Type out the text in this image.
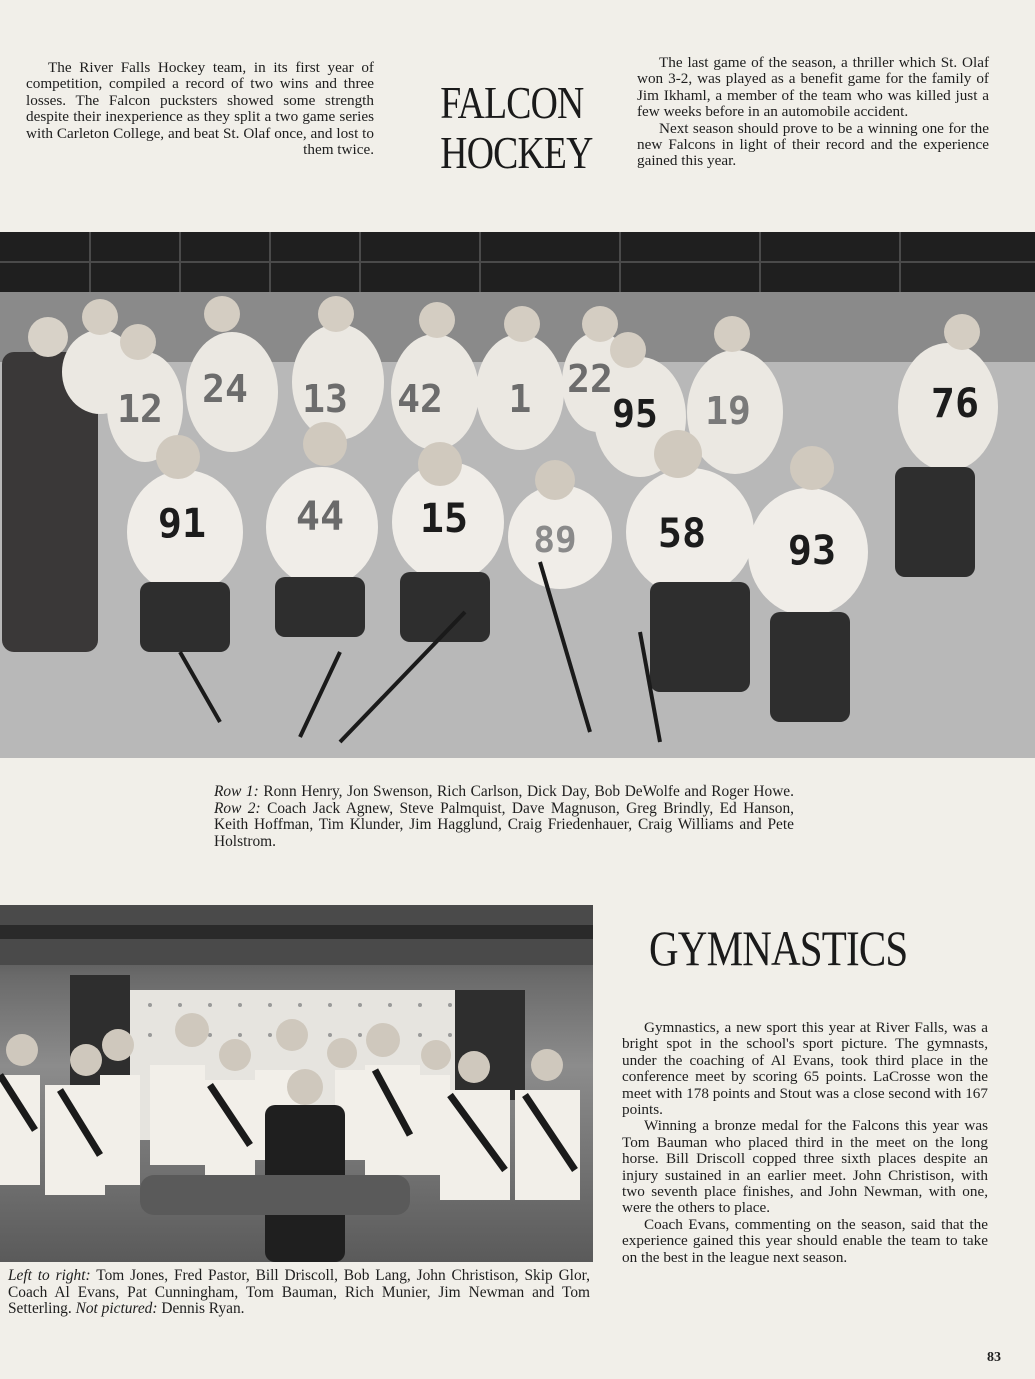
The River Falls Hockey team, in its first year of competition, compiled a record of two wins and three losses. The Falcon pucksters showed some strength despite their inexperience as they split a two game series with Carleton College, and beat St. Olaf once, and lost to them twice.

FALCON
HOCKEY

The last game of the season, a thriller which St. Olaf won 3-2, was played as a benefit game for the family of Jim Ikhaml, a member of the team who was killed just a few weeks before in an automobile accident.

Next season should prove to be a winning one for the new Falcons in light of their record and the experience gained this year.

12 24 13 42 1 22
95 19	76
91 44 15 89 58 93

Row 1: Ronn Henry, Jon Swenson, Rich Carlson, Dick Day, Bob DeWolfe and Roger Howe. Row 2: Coach Jack Agnew, Steve Palmquist, Dave Magnuson, Greg Brindly, Ed Hanson, Keith Hoffman, Tim Klunder, Jim Hagglund, Craig Friedenhauer, Craig Williams and Pete Holstrom.

Left to right: Tom Jones, Fred Pastor, Bill Driscoll, Bob Lang, John Christison, Skip Glor, Coach Al Evans, Pat Cunningham, Tom Bauman, Rich Munier, Jim Newman and Tom Setterling. Not pictured: Dennis Ryan.

GYMNASTICS

Gymnastics, a new sport this year at River Falls, was a bright spot in the school's sport picture. The gymnasts, under the coaching of Al Evans, took third place in the conference meet by scoring 65 points. LaCrosse won the meet with 178 points and Stout was a close second with 167 points.

Winning a bronze medal for the Falcons this year was Tom Bauman who placed third in the meet on the long horse. Bill Driscoll copped three sixth places despite an injury sustained in an earlier meet. John Christison, with two seventh place finishes, and John Newman, with one, were the others to place.

Coach Evans, commenting on the season, said that the experience gained this year should enable the team to take on the best in the league next season.

83
